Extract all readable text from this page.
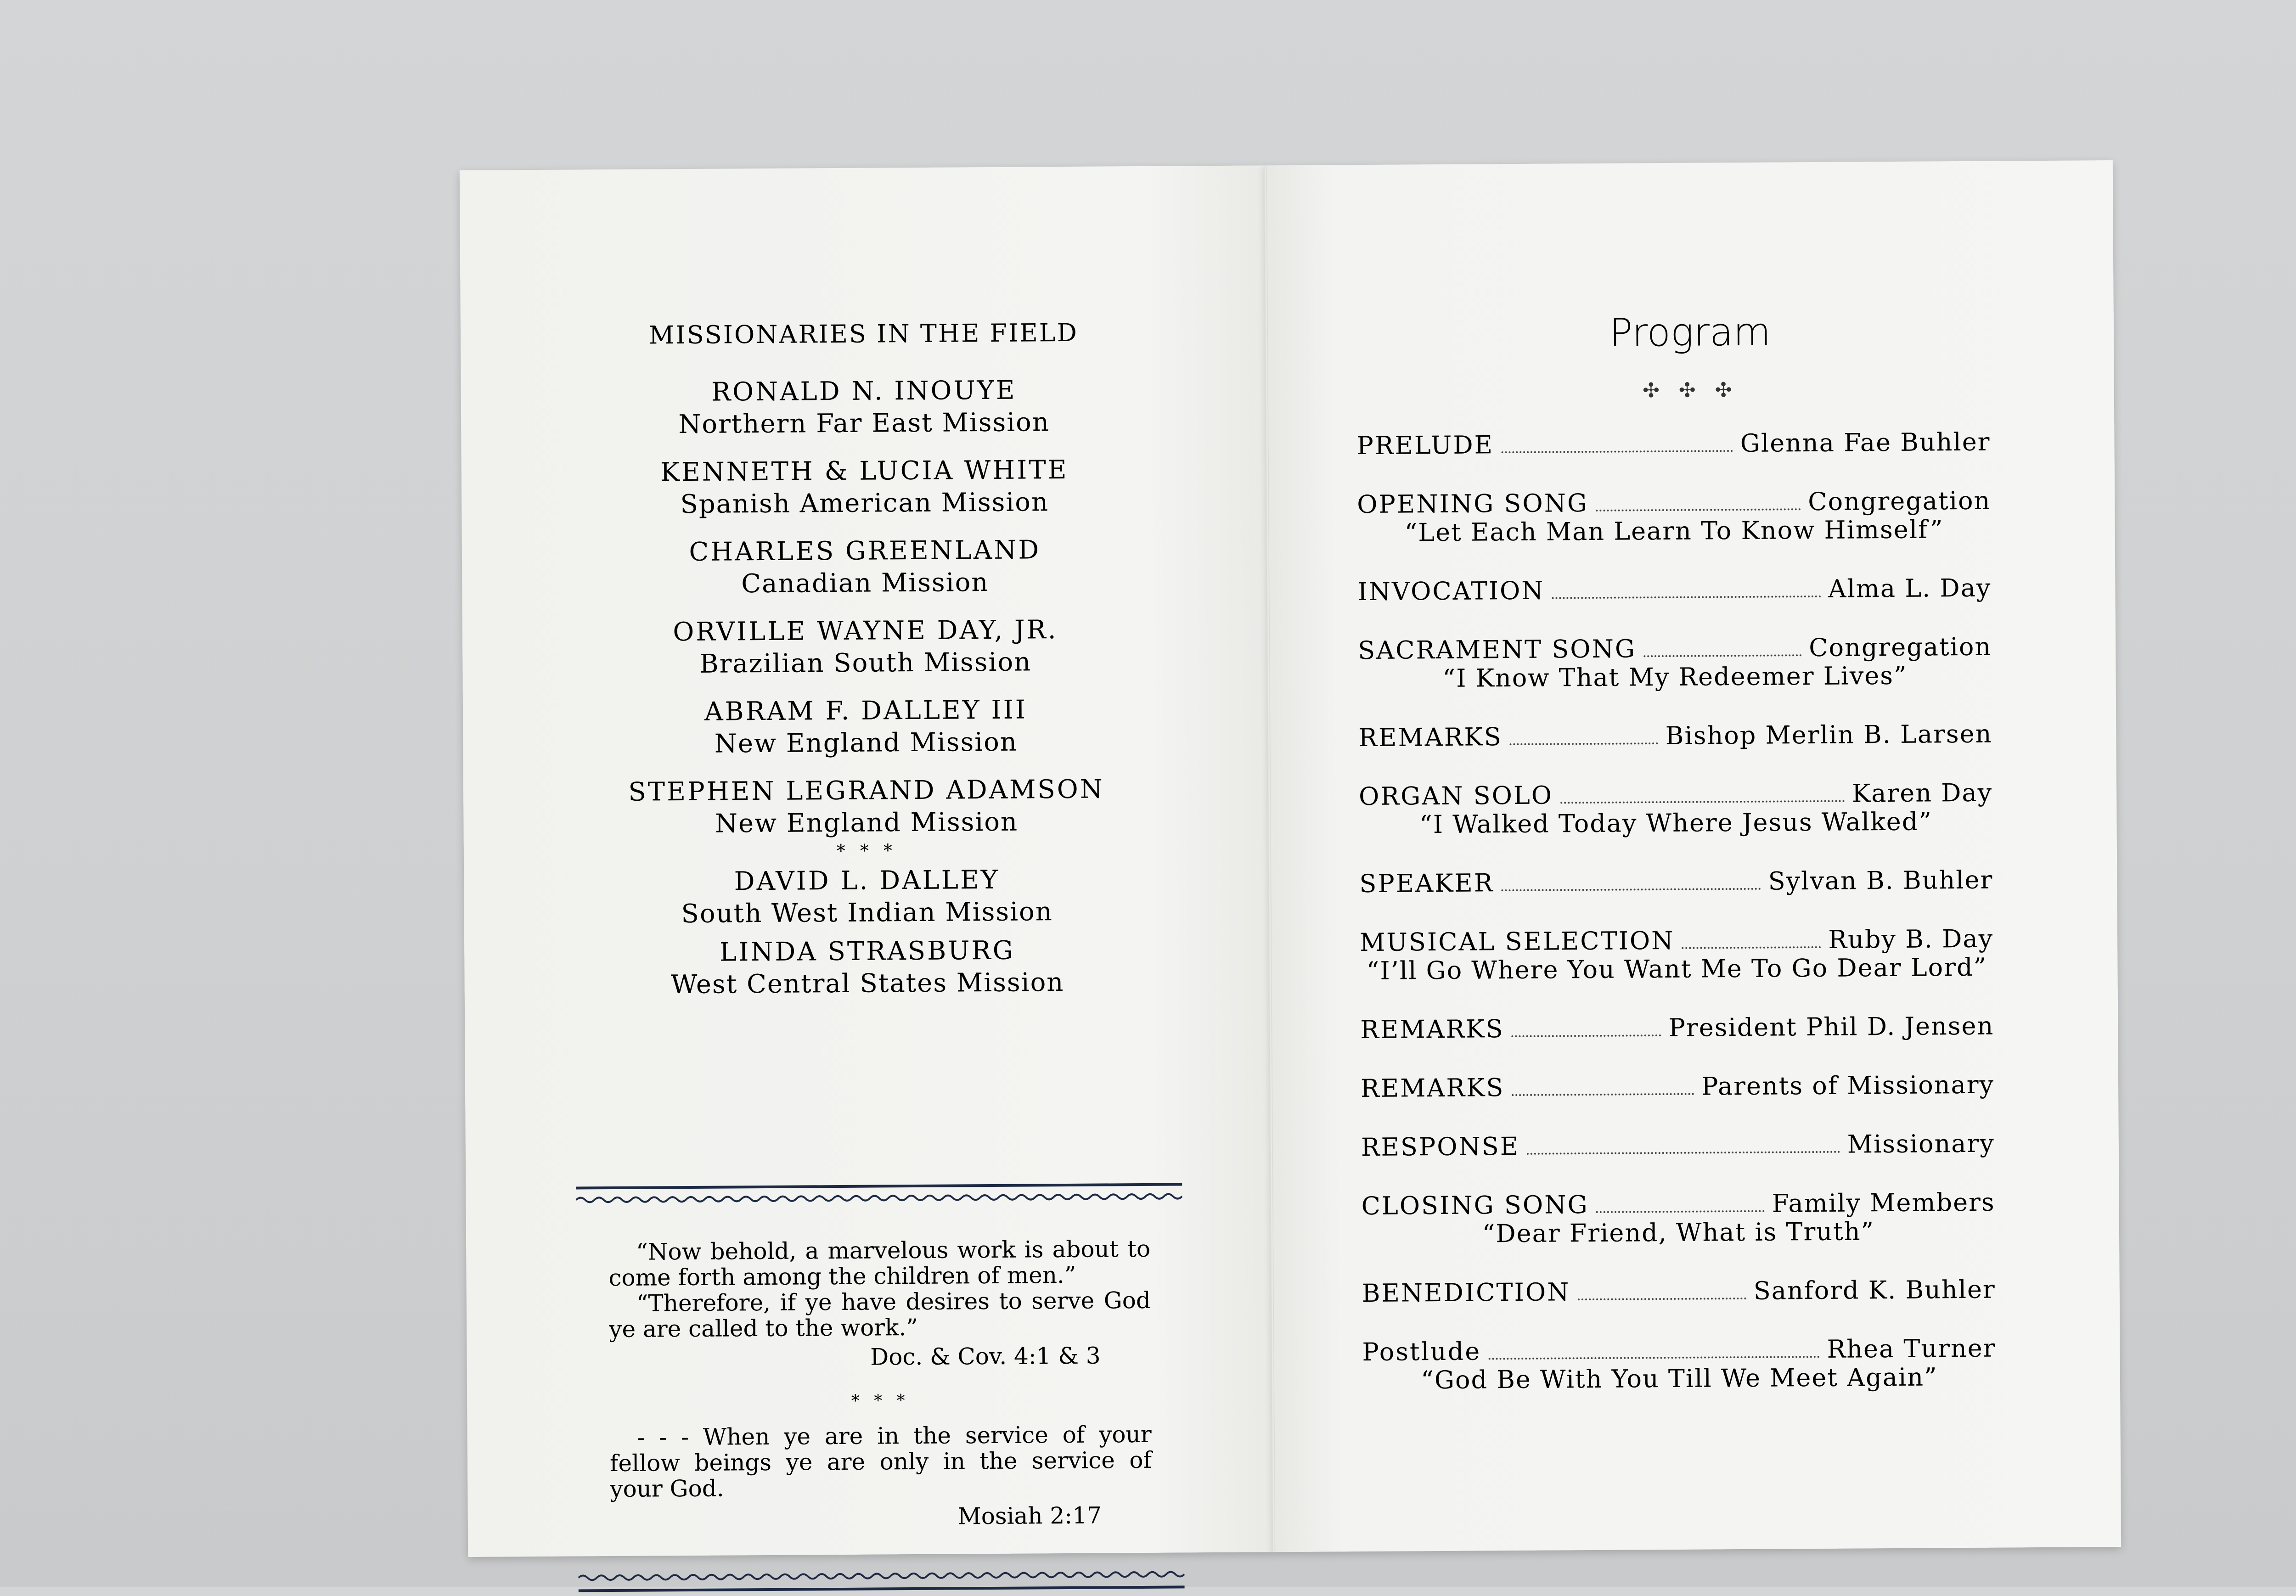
MISSIONARIES IN THE FIELD
RONALD N. INOUYE
Northern Far East Mission
KENNETH & LUCIA WHITE
Spanish American Mission
CHARLES GREENLAND
Canadian Mission
ORVILLE WAYNE DAY, JR.
Brazilian South Mission
ABRAM F. DALLEY III
New England Mission
STEPHEN LEGRAND ADAMSON
New England Mission
* * *
DAVID L. DALLEY
South West Indian Mission
LINDA STRASBURG
West Central States Mission

“Now behold, a marvelous work is about to come forth among the children of men.”

“Therefore, if ye have desires to serve God ye are called to the work.”

Doc. & Cov. 4:1 & 3

* * *

- - - When ye are in the service of your fellow beings ye are only in the service of your God.

Mosiah 2:17

Program
✣ ✣ ✣
PRELUDE	Glenna Fae Buhler
OPENING SONG	Congregation
“Let Each Man Learn To Know Himself”
INVOCATION	Alma L. Day
SACRAMENT SONG	Congregation
“I Know That My Redeemer Lives”
REMARKS	Bishop Merlin B. Larsen
ORGAN SOLO	Karen Day
“I Walked Today Where Jesus Walked”
SPEAKER	Sylvan B. Buhler
MUSICAL SELECTION	Ruby B. Day
“I’ll Go Where You Want Me To Go Dear Lord”
REMARKS	President Phil D. Jensen
REMARKS	Parents of Missionary
RESPONSE	Missionary
CLOSING SONG	Family Members
“Dear Friend, What is Truth”
BENEDICTION	Sanford K. Buhler
Postlude	Rhea Turner
“God Be With You Till We Meet Again”
